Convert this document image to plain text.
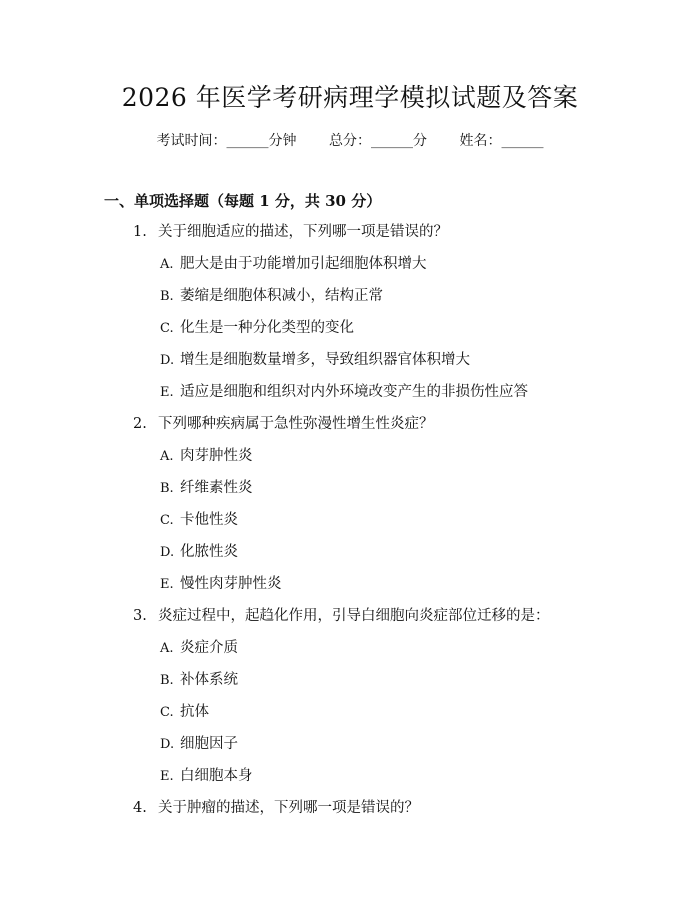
2026 年医学考研病理学模拟试题及答案
考试时间：______分钟 总分：______分 姓名：______
一、单项选择题（每题 1 分，共 30 分）
1. 关于细胞适应的描述，下列哪一项是错误的？
A. 肥大是由于功能增加引起细胞体积增大
B. 萎缩是细胞体积减小，结构正常
C. 化生是一种分化类型的变化
D. 增生是细胞数量增多，导致组织器官体积增大
E. 适应是细胞和组织对内外环境改变产生的非损伤性应答
2. 下列哪种疾病属于急性弥漫性增生性炎症？
A. 肉芽肿性炎
B. 纤维素性炎
C. 卡他性炎
D. 化脓性炎
E. 慢性肉芽肿性炎
3. 炎症过程中，起趋化作用，引导白细胞向炎症部位迁移的是：
A. 炎症介质
B. 补体系统
C. 抗体
D. 细胞因子
E. 白细胞本身
4. 关于肿瘤的描述，下列哪一项是错误的？
